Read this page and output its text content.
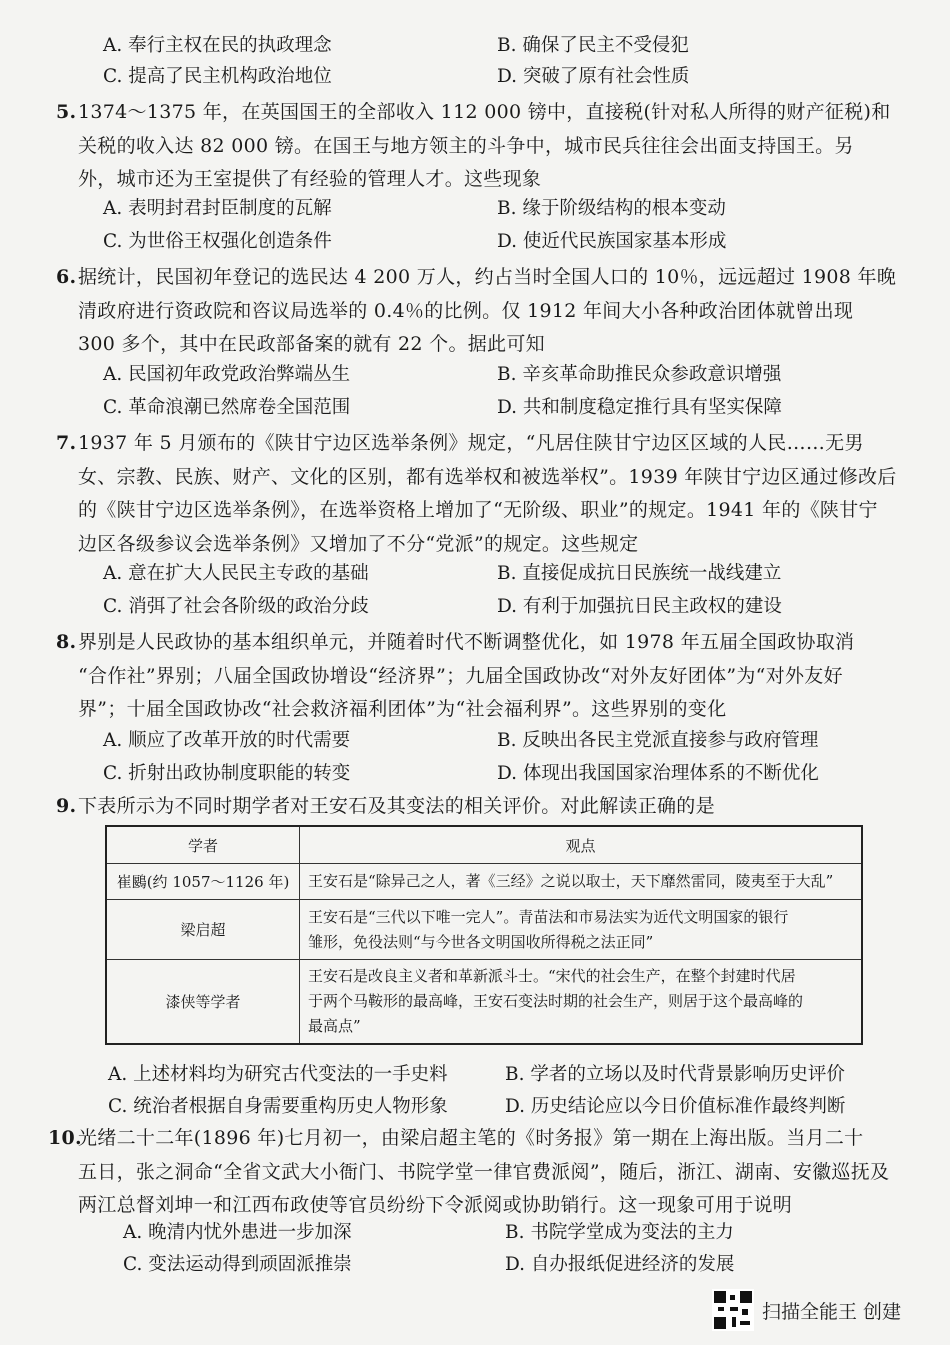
A. 奉行主权在民的执政理念	B. 确保了民主不受侵犯
C. 提高了民主机构政治地位	D. 突破了原有社会性质
5. 1374～1375 年，在英国国王的全部收入 112 000 镑中，直接税(针对私人所得的财产征税)和
关税的收入达 82 000 镑。在国王与地方领主的斗争中，城市民兵往往会出面支持国王。另
外，城市还为王室提供了有经验的管理人才。这些现象
A. 表明封君封臣制度的瓦解	B. 缘于阶级结构的根本变动
C. 为世俗王权强化创造条件	D. 使近代民族国家基本形成
6. 据统计，民国初年登记的选民达 4 200 万人，约占当时全国人口的 10％，远远超过 1908 年晚
清政府进行资政院和咨议局选举的 0.4％的比例。仅 1912 年间大小各种政治团体就曾出现
300 多个，其中在民政部备案的就有 22 个。据此可知
A. 民国初年政党政治弊端丛生	B. 辛亥革命助推民众参政意识增强
C. 革命浪潮已然席卷全国范围	D. 共和制度稳定推行具有坚实保障
7. 1937 年 5 月颁布的《陕甘宁边区选举条例》规定，“凡居住陕甘宁边区区域的人民……无男
女、宗教、民族、财产、文化的区别，都有选举权和被选举权”。1939 年陕甘宁边区通过修改后
的《陕甘宁边区选举条例》，在选举资格上增加了“无阶级、职业”的规定。1941 年的《陕甘宁
边区各级参议会选举条例》又增加了不分“党派”的规定。这些规定
A. 意在扩大人民民主专政的基础	B. 直接促成抗日民族统一战线建立
C. 消弭了社会各阶级的政治分歧	D. 有利于加强抗日民主政权的建设
8. 界别是人民政协的基本组织单元，并随着时代不断调整优化，如 1978 年五届全国政协取消
“合作社”界别；八届全国政协增设“经济界”；九届全国政协改“对外友好团体”为“对外友好
界”；十届全国政协改“社会救济福利团体”为“社会福利界”。这些界别的变化
A. 顺应了改革开放的时代需要	B. 反映出各民主党派直接参与政府管理
C. 折射出政协制度职能的转变	D. 体现出我国国家治理体系的不断优化
9. 下表所示为不同时期学者对王安石及其变法的相关评价。对此解读正确的是
学者	观点
崔鶠(约 1057～1126 年)	王安石是“除异己之人，著《三经》之说以取士，天下靡然雷同，陵夷至于大乱”

梁启超	王安石是“三代以下唯一完人”。青苗法和市易法实为近代文明国家的银行
雏形，免役法则“与今世各文明国收所得税之法正同”

漆侠等学者	王安石是改良主义者和革新派斗士。“宋代的社会生产，在整个封建时代居
于两个马鞍形的最高峰，王安石变法时期的社会生产，则居于这个最高峰的
最高点”
A. 上述材料均为研究古代变法的一手史料	B. 学者的立场以及时代背景影响历史评价
C. 统治者根据自身需要重构历史人物形象	D. 历史结论应以今日价值标准作最终判断
10.
光绪二十二年(1896 年)七月初一，由梁启超主笔的《时务报》第一期在上海出版。当月二十
五日，张之洞命“全省文武大小衙门、书院学堂一律官费派阅”，随后，浙江、湖南、安徽巡抚及
两江总督刘坤一和江西布政使等官员纷纷下令派阅或协助销行。这一现象可用于说明
A. 晚清内忧外患进一步加深	B. 书院学堂成为变法的主力
C. 变法运动得到顽固派推崇	D. 自办报纸促进经济的发展
扫描全能王 创建
